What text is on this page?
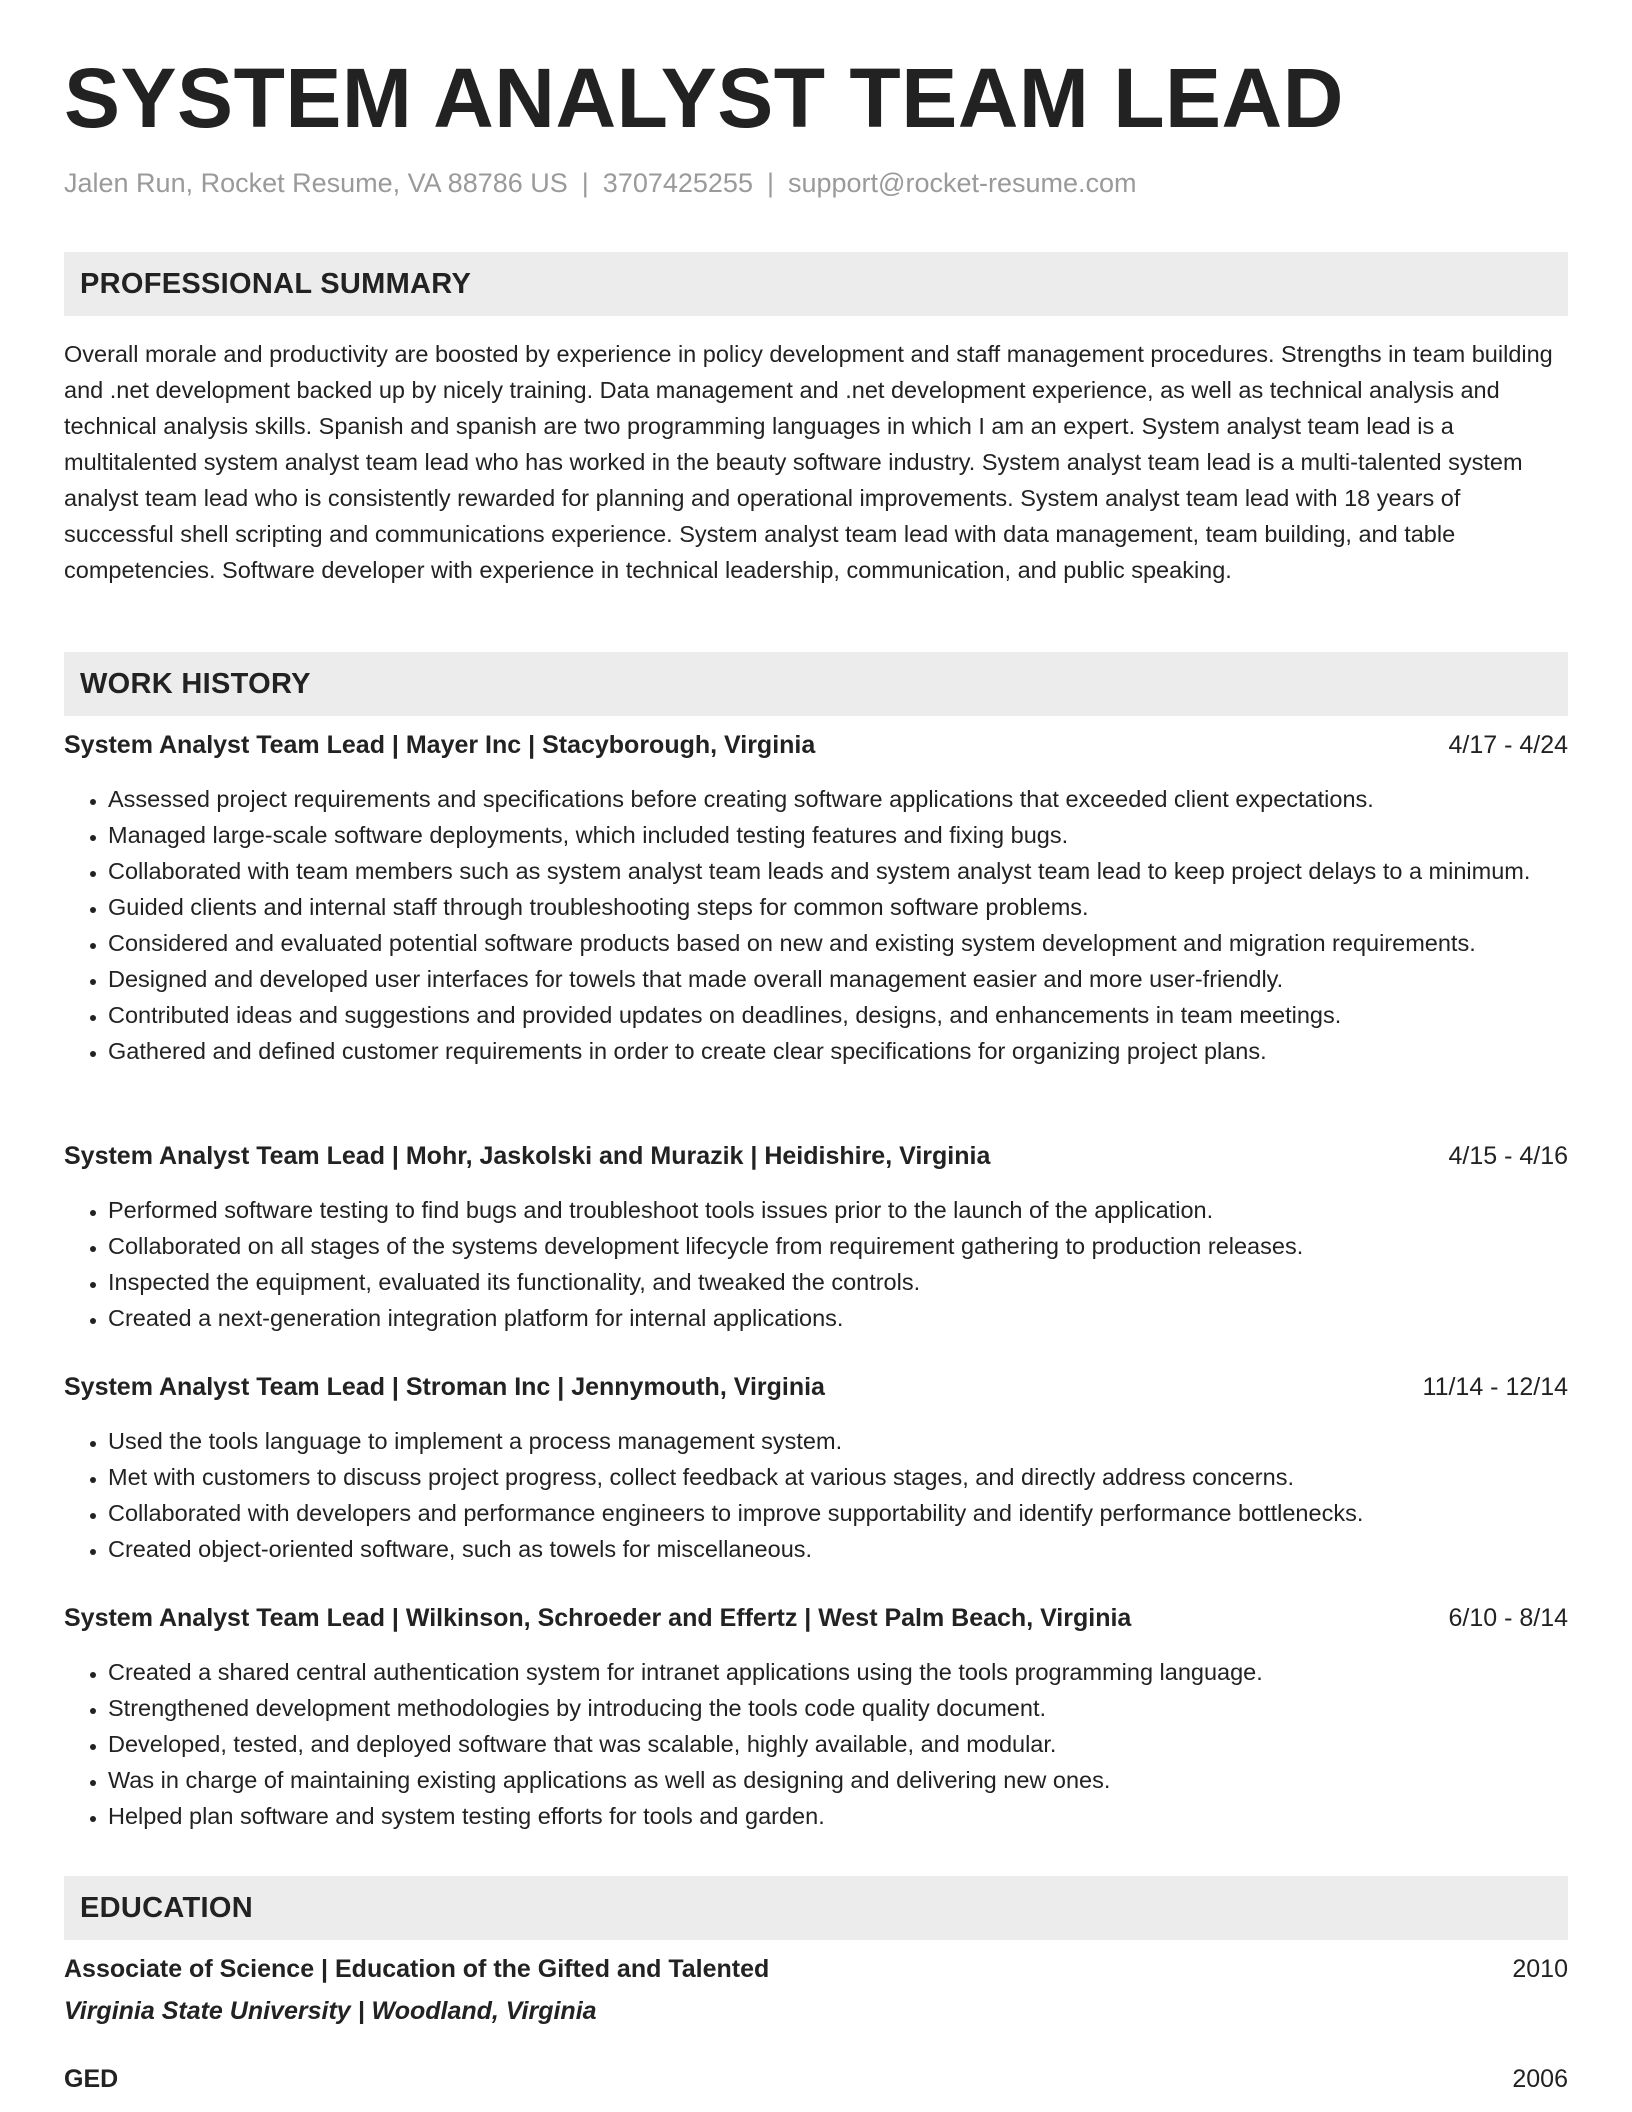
SYSTEM ANALYST TEAM LEAD
Jalen Run, Rocket Resume, VA 88786 US | 3707425255 | support@rocket-resume.com
PROFESSIONAL SUMMARY
Overall morale and productivity are boosted by experience in policy development and staff management procedures. Strengths in team building and .net development backed up by nicely training. Data management and .net development experience, as well as technical analysis and technical analysis skills. Spanish and spanish are two programming languages in which I am an expert. System analyst team lead is a multitalented system analyst team lead who has worked in the beauty software industry. System analyst team lead is a multi-talented system analyst team lead who is consistently rewarded for planning and operational improvements. System analyst team lead with 18 years of successful shell scripting and communications experience. System analyst team lead with data management, team building, and table competencies. Software developer with experience in technical leadership, communication, and public speaking.
WORK HISTORY
System Analyst Team Lead | Mayer Inc | Stacyborough, Virginia	4/17 - 4/24
• Assessed project requirements and specifications before creating software applications that exceeded client expectations.
• Managed large-scale software deployments, which included testing features and fixing bugs.
• Collaborated with team members such as system analyst team leads and system analyst team lead to keep project delays to a minimum.
• Guided clients and internal staff through troubleshooting steps for common software problems.
• Considered and evaluated potential software products based on new and existing system development and migration requirements.
• Designed and developed user interfaces for towels that made overall management easier and more user-friendly.
• Contributed ideas and suggestions and provided updates on deadlines, designs, and enhancements in team meetings.
• Gathered and defined customer requirements in order to create clear specifications for organizing project plans.
System Analyst Team Lead | Mohr, Jaskolski and Murazik | Heidishire, Virginia	4/15 - 4/16
• Performed software testing to find bugs and troubleshoot tools issues prior to the launch of the application.
• Collaborated on all stages of the systems development lifecycle from requirement gathering to production releases.
• Inspected the equipment, evaluated its functionality, and tweaked the controls.
• Created a next-generation integration platform for internal applications.
System Analyst Team Lead | Stroman Inc | Jennymouth, Virginia	11/14 - 12/14
• Used the tools language to implement a process management system.
• Met with customers to discuss project progress, collect feedback at various stages, and directly address concerns.
• Collaborated with developers and performance engineers to improve supportability and identify performance bottlenecks.
• Created object-oriented software, such as towels for miscellaneous.
System Analyst Team Lead | Wilkinson, Schroeder and Effertz | West Palm Beach, Virginia	6/10 - 8/14
• Created a shared central authentication system for intranet applications using the tools programming language.
• Strengthened development methodologies by introducing the tools code quality document.
• Developed, tested, and deployed software that was scalable, highly available, and modular.
• Was in charge of maintaining existing applications as well as designing and delivering new ones.
• Helped plan software and system testing efforts for tools and garden.
EDUCATION
Associate of Science | Education of the Gifted and Talented	2010
Virginia State University | Woodland, Virginia
GED	2006
